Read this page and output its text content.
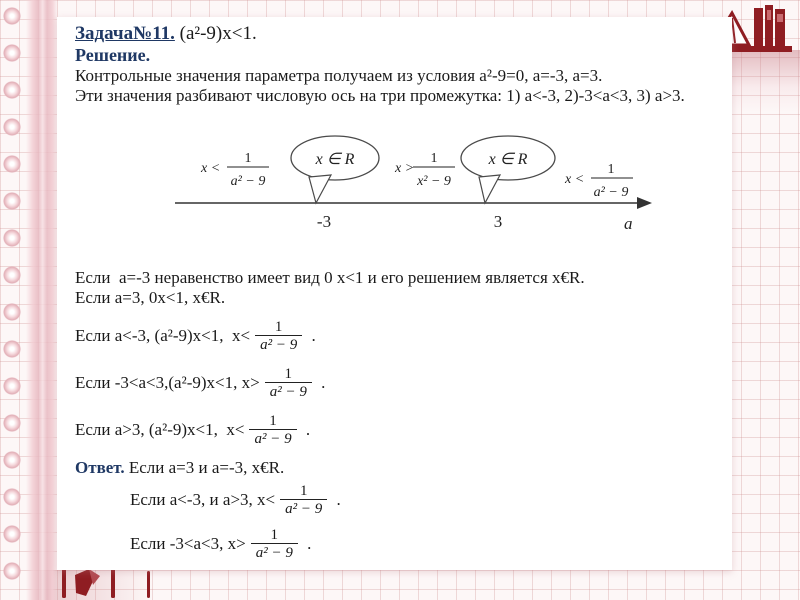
Задача№11. (a²-9)x<1.
Решение.
Контрольные значения параметра получаем из условия a²-9=0, a=-3, a=3.
Эти значения разбивают числовую ось на три промежутка: 1) a<-3, 2)-3<a<3, 3) a>3.
x <
1
a² − 9
x >
1
x² − 9	x <
1
a² − 9
x ∈ R	x ∈ R
-3	3	a
Если  a=-3 неравенство имеет вид 0 x<1 и его решением является x€R.
Если a=3, 0x<1, x€R.
Если a<-3, (a²-9)x<1,  $x< \frac{1}{\text{a² − 9}}$ .
Если -3<a<3,(a²-9)x<1, $x> \frac{1}{\text{a² − 9}}$ .
Если a>3, (a²-9)x<1,  $x< \frac{1}{\text{a² − 9}}$ .
Ответ. Если a=3 и a=-3, x€R.
Если a<-3, и a>3, $x< \frac{1}{\text{a² − 9}}$ .
Если -3<a<3, $x> \frac{1}{\text{a² − 9}}$ .
